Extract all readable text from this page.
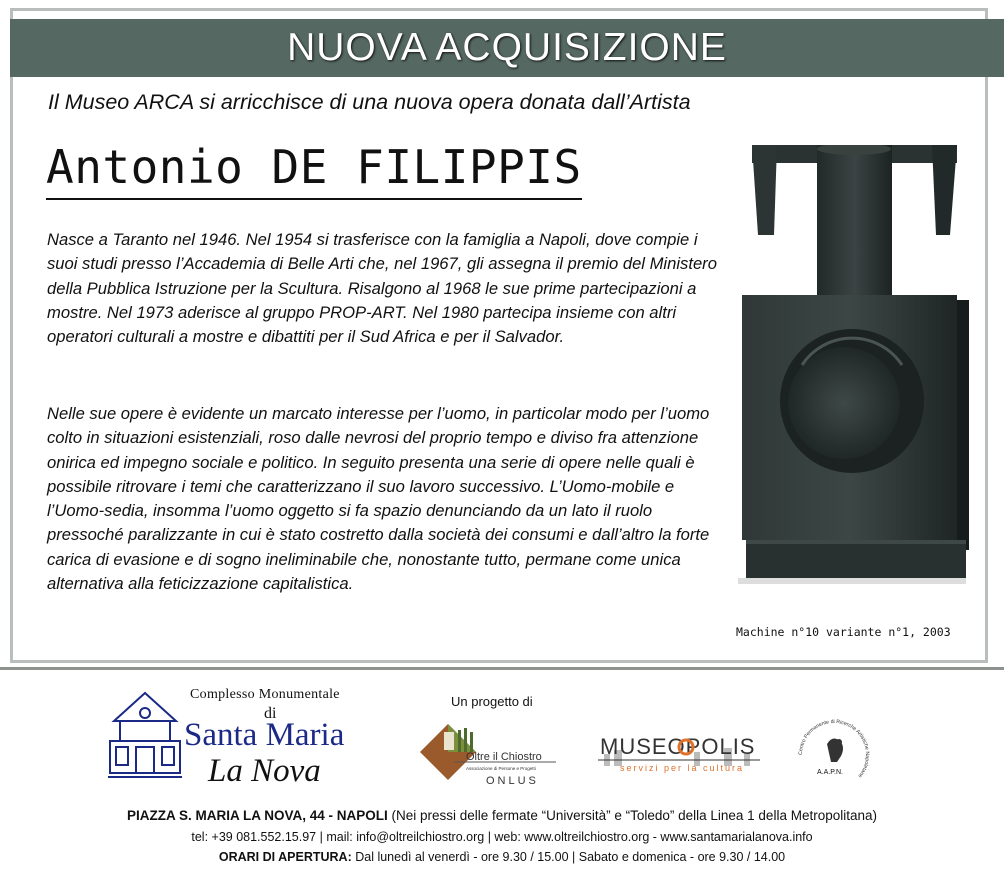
NUOVA ACQUISIZIONE
Il Museo ARCA si arricchisce di una nuova opera donata dall’Artista
Antonio DE FILIPPIS

Nasce a Taranto nel 1946. Nel 1954 si trasferisce con la famiglia a Napoli, dove compie i suoi studi presso l’Accademia di Belle Arti che, nel 1967, gli assegna il premio del Ministero della Pubblica Istruzione per la Scultura. Risalgono al 1968 le sue prime partecipazioni a mostre. Nel 1973 aderisce al gruppo PROP-ART. Nel 1980 partecipa insieme con altri operatori culturali a mostre e dibattiti per il Sud Africa e per il Salvador.

Nelle sue opere è evidente un marcato interesse per l’uomo, in particolar modo per l’uomo colto in situazioni esistenziali, roso dalle nevrosi del proprio tempo e diviso fra attenzione onirica ed impegno sociale e politico. In seguito presenta una serie di opere nelle quali è possibile ritrovare i temi che caratterizzano il suo lavoro successivo. L’Uomo-mobile e l’Uomo-sedia, insomma l’uomo oggetto si fa spazio denunciando da un lato il ruolo pressoché paralizzante in cui è stato costretto dalla società dei consumi e dall’altro la forte carica di evasione e di sogno ineliminabile che, nonostante tutto, permane come unica alternativa alla feticizzazione capitalistica.

Machine n°10 variante n°1, 2003
Complesso Monumentale
di
Santa Maria
La Nova
Un progetto di
Oltre il Chiostro
Associazione di Persone e Progetti
ONLUS
MUSEOPOLIS
servizi per la cultura
Centro Permanente di Ricerche Artistiche Napoletane
A.A.P.N.
PIAZZA S. MARIA LA NOVA, 44 - NAPOLI (Nei pressi delle fermate “Università” e “Toledo” della Linea 1 della Metropolitana)
tel: +39 081.552.15.97 | mail: info@oltreilchiostro.org | web: www.oltreilchiostro.org - www.santamarialanova.info
ORARI DI APERTURA: Dal lunedì al venerdì - ore 9.30 / 15.00 | Sabato e domenica - ore 9.30 / 14.00
